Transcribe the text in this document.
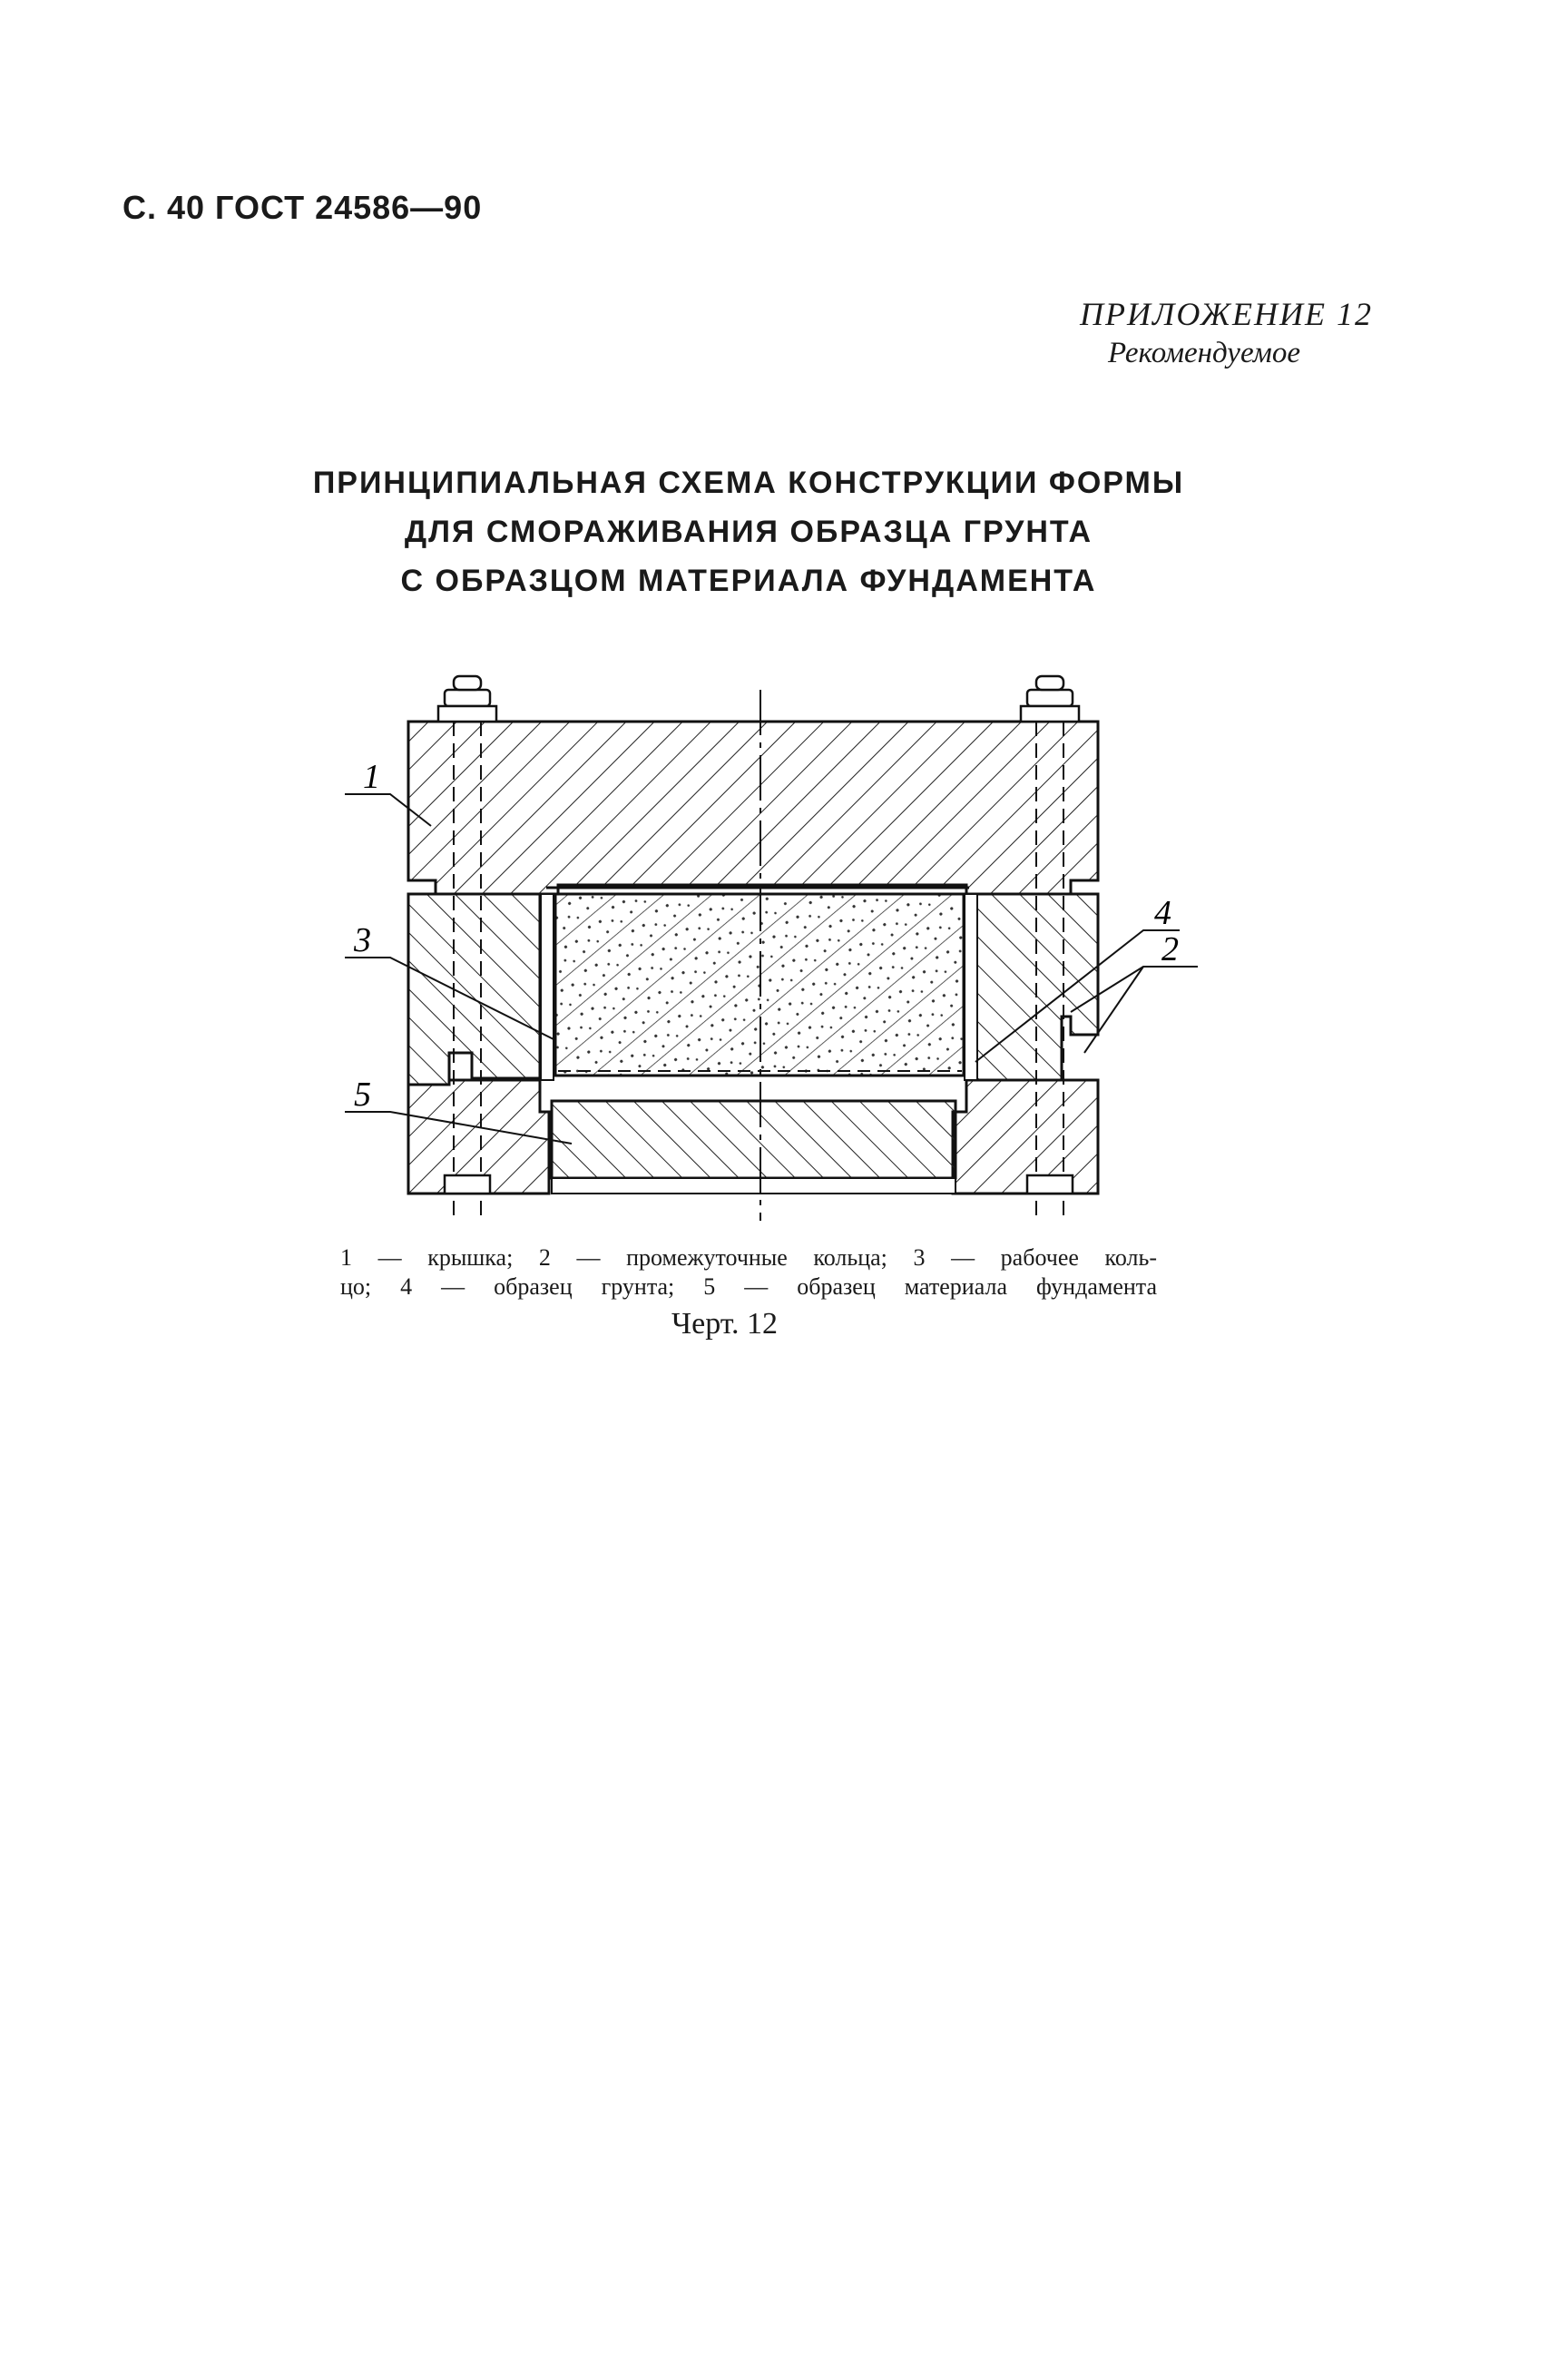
С. 40 ГОСТ 24586—90
ПРИЛОЖЕНИЕ 12
Рекомендуемое
ПРИНЦИПИАЛЬНАЯ СХЕМА КОНСТРУКЦИИ ФОРМЫ
ДЛЯ СМОРАЖИВАНИЯ ОБРАЗЦА ГРУНТА
С ОБРАЗЦОМ МАТЕРИАЛА ФУНДАМЕНТА
1
3
4
2
5
1 — крышка; 2 — промежуточные кольца; 3 — рабочее коль-
цо; 4 — образец грунта; 5 — образец материала фундамента
Черт. 12
